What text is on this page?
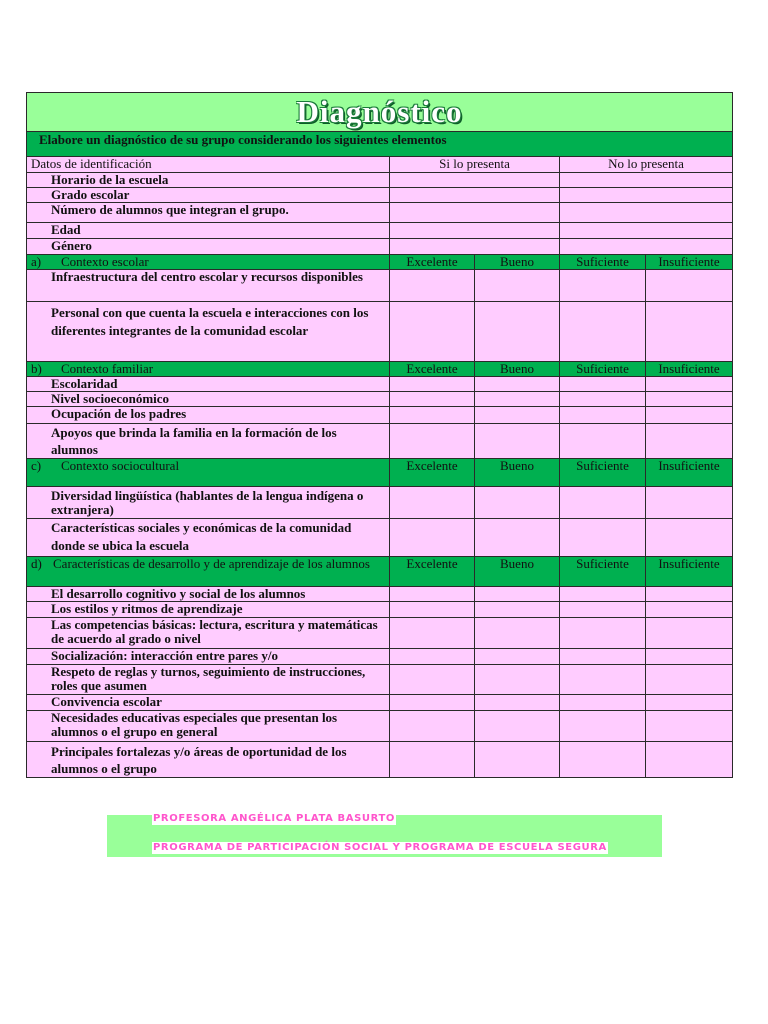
Diagnóstico				
Elabore un diagnóstico de su grupo considerando los siguientes elementos				
Datos de identificación	Si lo presenta		No lo presenta	
Horario de la escuela				
Grado escolar				
Número de alumnos que integran el grupo.				
Edad				
Género				
a) Contexto escolar	Excelente	Bueno	Suficiente	Insuficiente
Infraestructura del centro escolar y recursos disponibles				
Personal con que cuenta la escuela e interacciones con los diferentes integrantes de la comunidad escolar				
b) Contexto familiar	Excelente	Bueno	Suficiente	Insuficiente
Escolaridad				
Nivel socioeconómico				
Ocupación de los padres				
Apoyos que brinda la familia en la formación de los alumnos				
c) Contexto sociocultural	Excelente	Bueno	Suficiente	Insuficiente
Diversidad lingüística (hablantes de la lengua indígena o extranjera)				
Características sociales y económicas de la comunidad donde se ubica la escuela				
d) Características de desarrollo y de aprendizaje de los alumnos	Excelente	Bueno	Suficiente	Insuficiente
El desarrollo cognitivo y social de los alumnos				
Los estilos y ritmos de aprendizaje				
Las competencias básicas: lectura, escritura y matemáticas de acuerdo al grado o nivel				
Socialización: interacción entre pares y/o				
Respeto de reglas y turnos, seguimiento de instrucciones, roles que asumen				
Convivencia escolar				
Necesidades educativas especiales que presentan los alumnos o el grupo en general				
Principales fortalezas y/o áreas de oportunidad de los alumnos o el grupo				
PROFESORA ANGÉLICA PLATA BASURTO
PROGRAMA DE PARTICIPACIÓN SOCIAL Y PROGRAMA DE ESCUELA SEGURA
